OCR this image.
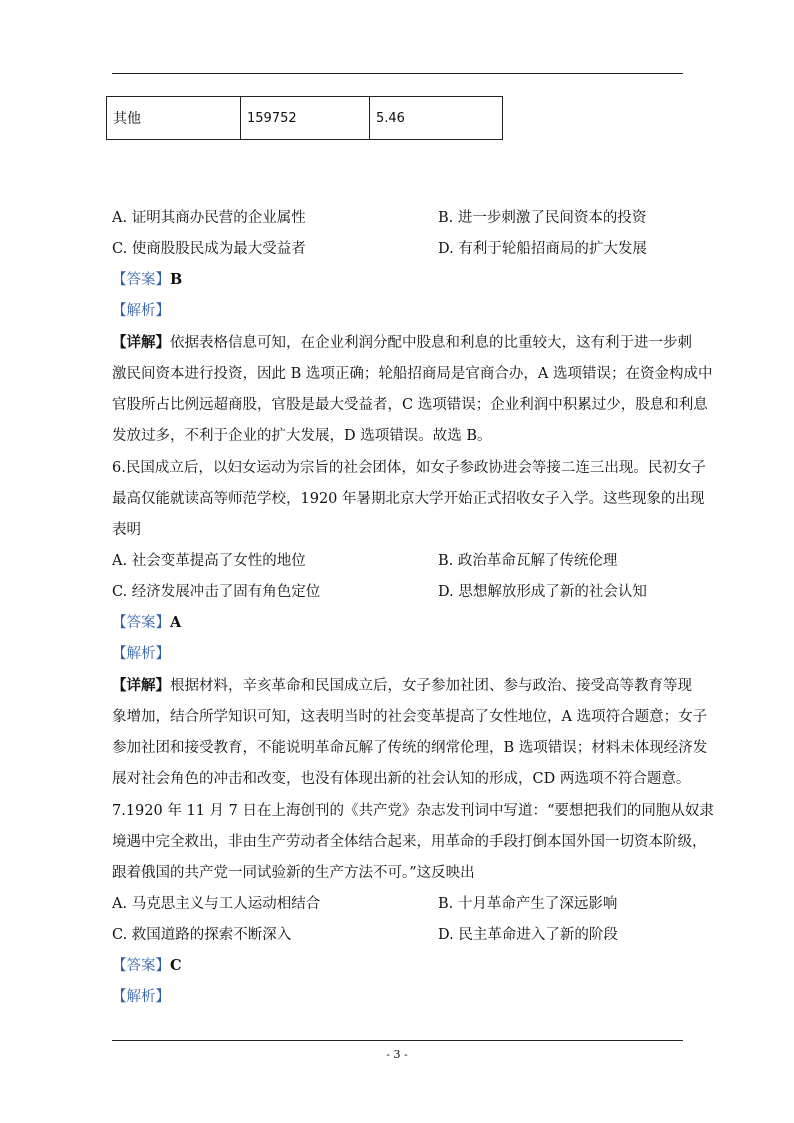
其他	159752	5.46
A. 证明其商办民营的企业属性	B. 进一步刺激了民间资本的投资
C. 使商股股民成为最大受益者	D. 有利于轮船招商局的扩大发展
【答案】B
【解析】
【详解】依据表格信息可知，在企业利润分配中股息和利息的比重较大，这有利于进一步刺
激民间资本进行投资，因此 B 选项正确；轮船招商局是官商合办，A 选项错误；在资金构成中
官股所占比例远超商股，官股是最大受益者，C 选项错误；企业利润中积累过少，股息和利息
发放过多，不利于企业的扩大发展，D 选项错误。故选 B。
6.民国成立后，以妇女运动为宗旨的社会团体，如女子参政协进会等接二连三出现。民初女子
最高仅能就读高等师范学校，1920 年暑期北京大学开始正式招收女子入学。这些现象的出现
表明
A. 社会变革提高了女性的地位	B. 政治革命瓦解了传统伦理
C. 经济发展冲击了固有角色定位	D. 思想解放形成了新的社会认知
【答案】A
【解析】
【详解】根据材料，辛亥革命和民国成立后，女子参加社团、参与政治、接受高等教育等现
象增加，结合所学知识可知，这表明当时的社会变革提高了女性地位，A 选项符合题意；女子
参加社团和接受教育，不能说明革命瓦解了传统的纲常伦理，B 选项错误；材料未体现经济发
展对社会角色的冲击和改变，也没有体现出新的社会认知的形成，CD 两选项不符合题意。
7.1920 年 11 月 7 日在上海创刊的《共产党》杂志发刊词中写道：“要想把我们的同胞从奴隶
境遇中完全救出，非由生产劳动者全体结合起来，用革命的手段打倒本国外国一切资本阶级，
跟着俄国的共产党一同试验新的生产方法不可。”这反映出
A. 马克思主义与工人运动相结合	B. 十月革命产生了深远影响
C. 救国道路的探索不断深入	D. 民主革命进入了新的阶段
【答案】C
【解析】
- 3 -
